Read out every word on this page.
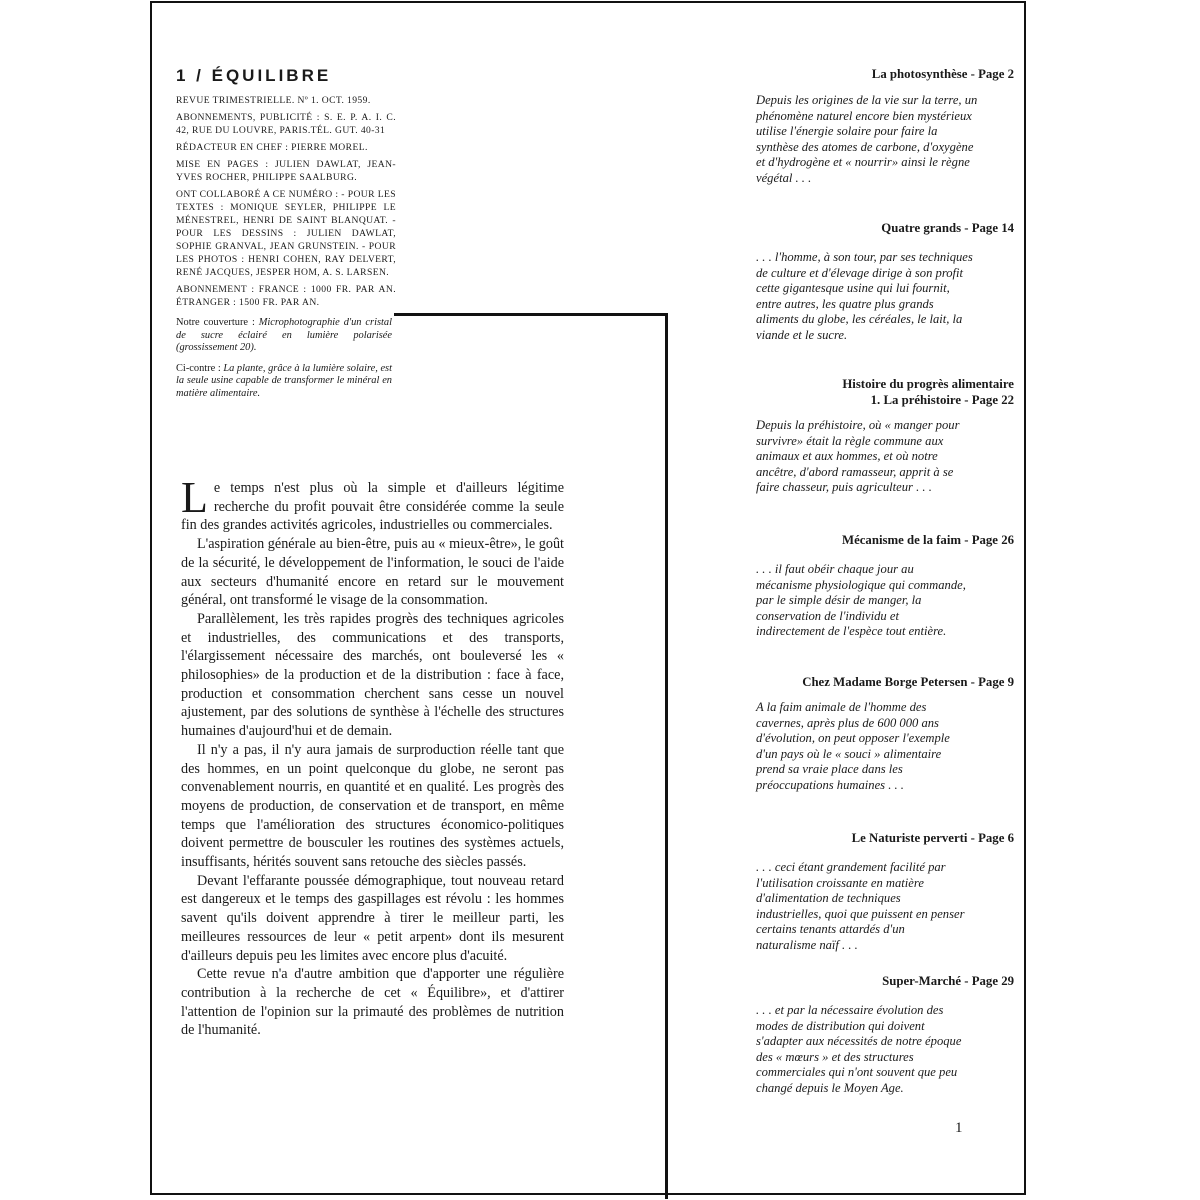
1 / ÉQUILIBRE
REVUE TRIMESTRIELLE. Nº 1. OCT. 1959.
ABONNEMENTS, PUBLICITÉ : S. E. P. A. I. C. 42, RUE DU LOUVRE, PARIS.TÉL. GUT. 40-31
RÉDACTEUR EN CHEF : PIERRE MOREL.
MISE EN PAGES : JULIEN DAWLAT, JEAN-YVES ROCHER, PHILIPPE SAALBURG.
ONT COLLABORÉ A CE NUMÉRO : - POUR LES TEXTES : MONIQUE SEYLER, PHILIPPE LE MÉNESTREL, HENRI DE SAINT BLANQUAT. - POUR LES DESSINS : JULIEN DAWLAT, SOPHIE GRANVAL, JEAN GRUNSTEIN. - POUR LES PHOTOS : HENRI COHEN, RAY DELVERT, RENÉ JACQUES, JESPER HOM, A. S. LARSEN.
ABONNEMENT : FRANCE : 1000 FR. PAR AN. ÉTRANGER : 1500 FR. PAR AN.
Notre couverture : Microphotographie d'un cristal de sucre éclairé en lumière polarisée (grossissement 20).
Ci-contre : La plante, grâce à la lumière solaire, est la seule usine capable de transformer le minéral en matière alimentaire.

Le temps n'est plus où la simple et d'ailleurs légitime recherche du profit pouvait être considérée comme la seule fin des grandes activités agricoles, industrielles ou commerciales.

L'aspiration générale au bien-être, puis au « mieux-être», le goût de la sécurité, le développement de l'information, le souci de l'aide aux secteurs d'humanité encore en retard sur le mouvement général, ont transformé le visage de la consommation.

Parallèlement, les très rapides progrès des techniques agricoles et industrielles, des communications et des transports, l'élargissement nécessaire des marchés, ont bouleversé les « philosophies» de la production et de la distribution : face à face, production et consommation cherchent sans cesse un nouvel ajustement, par des solutions de synthèse à l'échelle des structures humaines d'aujourd'hui et de demain.

Il n'y a pas, il n'y aura jamais de surproduction réelle tant que des hommes, en un point quelconque du globe, ne seront pas convenablement nourris, en quantité et en qualité. Les progrès des moyens de production, de conservation et de transport, en même temps que l'amélioration des structures économico-politiques doivent permettre de bousculer les routines des systèmes actuels, insuffisants, hérités souvent sans retouche des siècles passés.

Devant l'effarante poussée démographique, tout nouveau retard est dangereux et le temps des gaspillages est révolu : les hommes savent qu'ils doivent apprendre à tirer le meilleur parti, les meilleures ressources de leur « petit arpent» dont ils mesurent d'ailleurs depuis peu les limites avec encore plus d'acuité.

Cette revue n'a d'autre ambition que d'apporter une régulière contribution à la recherche de cet « Équilibre», et d'attirer l'attention de l'opinion sur la primauté des problèmes de nutrition de l'humanité.

La photosynthèse - Page 2
Depuis les origines de la vie sur la terre, un phénomène naturel encore bien mystérieux utilise l'énergie solaire pour faire la synthèse des atomes de carbone, d'oxygène et d'hydrogène et « nourrir» ainsi le règne végétal . . .
Quatre grands - Page 14
. . . l'homme, à son tour, par ses techniques de culture et d'élevage dirige à son profit cette gigantesque usine qui lui fournit, entre autres, les quatre plus grands aliments du globe, les céréales, le lait, la viande et le sucre.
Histoire du progrès alimentaire
1. La préhistoire - Page 22
Depuis la préhistoire, où « manger pour survivre» était la règle commune aux animaux et aux hommes, et où notre ancêtre, d'abord ramasseur, apprit à se faire chasseur, puis agriculteur . . .
Mécanisme de la faim - Page 26
. . . il faut obéir chaque jour au mécanisme physiologique qui commande, par le simple désir de manger, la conservation de l'individu et indirectement de l'espèce tout entière.
Chez Madame Borge Petersen - Page 9
A la faim animale de l'homme des cavernes, après plus de 600 000 ans d'évolution, on peut opposer l'exemple d'un pays où le « souci » alimentaire prend sa vraie place dans les préoccupations humaines . . .
Le Naturiste perverti - Page 6
. . . ceci étant grandement facilité par l'utilisation croissante en matière d'alimentation de techniques industrielles, quoi que puissent en penser certains tenants attardés d'un naturalisme naïf . . .
Super-Marché - Page 29
. . . et par la nécessaire évolution des modes de distribution qui doivent s'adapter aux nécessités de notre époque des « mœurs » et des structures commerciales qui n'ont souvent que peu changé depuis le Moyen Age.
1
